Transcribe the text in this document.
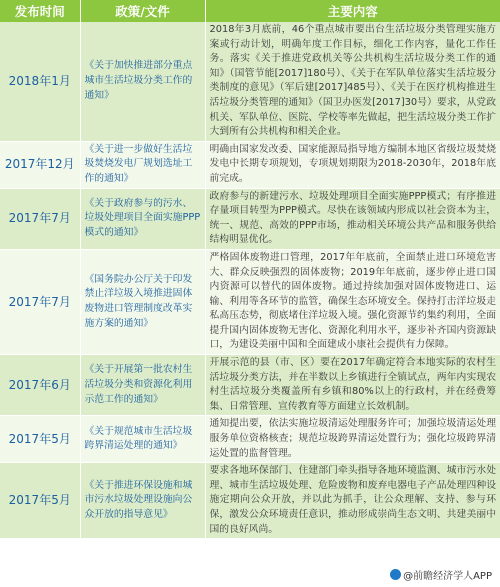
发布时间	政策/文件	主要内容
2018年1月	《关于加快推进部分重点城市生活垃圾分类工作的通知》	2018年3月底前，46个重点城市要出台生活垃圾分类管理实施方案或行动计划，明确年度工作目标，细化工作内容，量化工作任务。落实《关于推进党政机关等公共机构生活垃圾分类工作的通知》（国管节能[2017]180号）、《关于在军队单位落实生活垃圾分类制度的意见》（军后建[2017]485号）、《关于在医疗机构推进生活垃圾分类管理的通知》（国卫办医发[2017]30号）要求，从党政机关、军队单位、医院、学校等率先做起，把生活垃圾分类工作扩大到所有公共机构和相关企业。
2017年12月	《关于进一步做好生活垃圾焚烧发电厂规划选址工作的通知》	明确由国家发改委、国家能源局指导地方编制本地区省级垃圾焚烧发电中长期专项规划，专项规划期限为2018-2030年，2018年底前完成。
2017年7月	《关于政府参与的污水、垃圾处理项目全面实施PPP模式的通知》	政府参与的新建污水、垃圾处理项目全面实施PPP模式；有序推进存量项目转型为PPP模式。尽快在该领域内形成以社会资本为主，统一、规范、高效的PPP市场，推动相关环境公共产品和服务供给结构明显优化。
2017年7月	《国务院办公厅关于印发禁止洋垃圾入境推进固体废物进口管理制度改革实施方案的通知》	严格固体废物进口管理，2017年年底前，全面禁止进口环境危害大、群众反映强烈的固体废物；2019年年底前，逐步停止进口国内资源可以替代的固体废物。通过持续加强对固体废物进口、运输、利用等各环节的监管，确保生态环境安全。保持打击洋垃圾走私高压态势，彻底堵住洋垃圾入境。强化资源节约集约利用，全面提升国内固体废物无害化、资源化利用水平，逐步补齐国内资源缺口，为建设美丽中国和全面建成小康社会提供有力保障。
2017年6月	《关于开展第一批农村生活垃圾分类和资源化利用示范工作的通知》	开展示范的县（市、区）要在2017年确定符合本地实际的农村生活垃圾分类方法，并在半数以上乡镇进行全镇试点，两年内实现农村生活垃圾分类覆盖所有乡镇和80%以上的行政村，并在经费筹集、日常管理、宣传教育等方面建立长效机制。
2017年5月	《关于规范城市生活垃圾跨界清运处理的通知》	通知提出要，依法实施垃圾清运处理服务许可；加强垃圾清运处理服务单位资格核查；规范垃圾跨界清运处置行为；强化垃圾跨界清运处置的监督管理。
2017年5月	《关于推进环保设施和城市污水垃圾处理设施向公众开放的指导意见》	要求各地环保部门、住建部门牵头指导各地环境监测、城市污水处理、城市生活垃圾处理、危险废物和废弃电器电子产品处理四种设施定期向公众开放，并以此为抓手，让公众理解、支持、参与环保，激发公众环境责任意识，推动形成崇尚生态文明、共建美丽中国的良好风尚。
@前瞻经济学人APP
